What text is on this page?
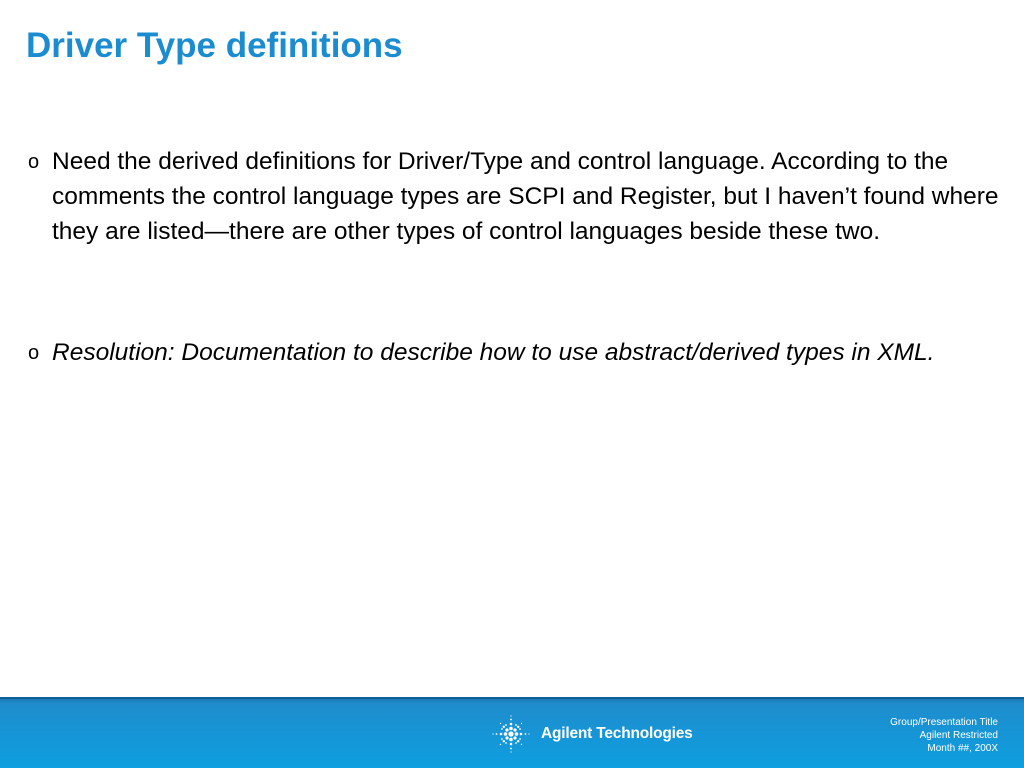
Driver Type definitions
o Need the derived definitions for Driver/Type and control language. According to the comments the control language types are SCPI and Register, but I haven’t found where they are listed—there are other types of control languages beside these two.
o Resolution: Documentation to describe how to use abstract/derived types in XML.
Agilent Technologies
Group/Presentation Title
Agilent Restricted
Month ##, 200X
